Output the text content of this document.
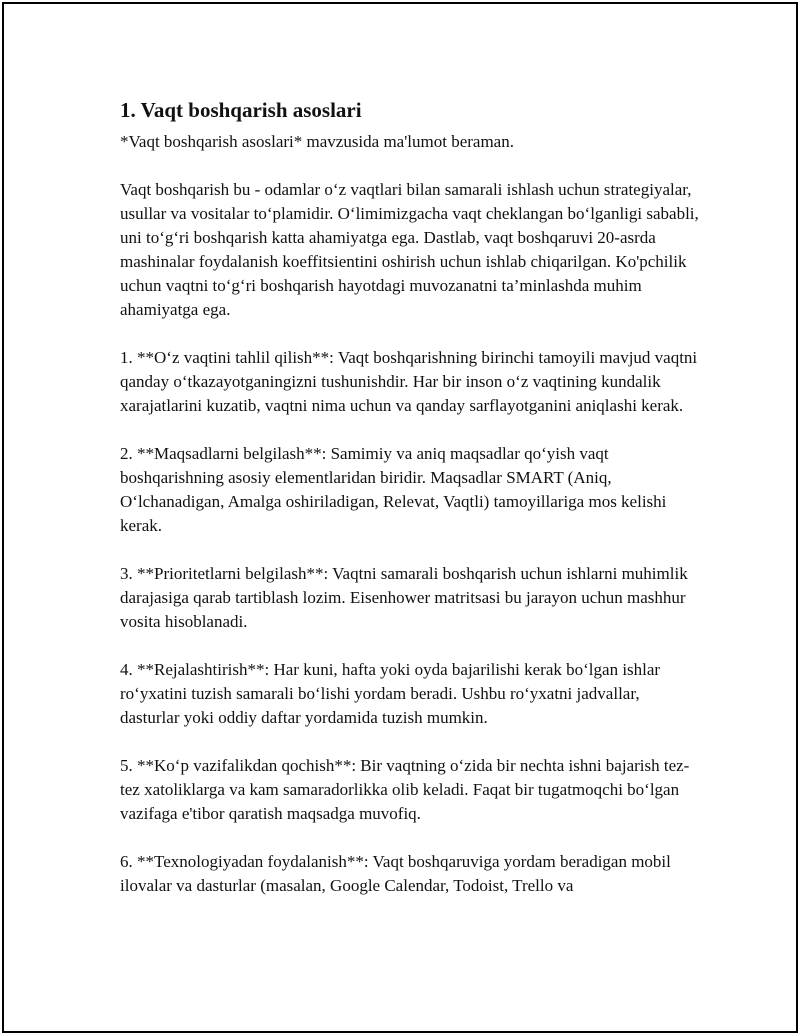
1. Vaqt boshqarish asoslari

*Vaqt boshqarish asoslari* mavzusida ma'lumot beraman.

Vaqt boshqarish bu - odamlar o‘z vaqtlari bilan samarali ishlash uchun strategiyalar, usullar va vositalar to‘plamidir. O‘limimizgacha vaqt cheklangan bo‘lganligi sababli, uni to‘g‘ri boshqarish katta ahamiyatga ega. Dastlab, vaqt boshqaruvi 20-asrda mashinalar foydalanish koeffitsientini oshirish uchun ishlab chiqarilgan. Ko'pchilik uchun vaqtni to‘g‘ri boshqarish hayotdagi muvozanatni ta’minlashda muhim ahamiyatga ega.

1. **O‘z vaqtini tahlil qilish**: Vaqt boshqarishning birinchi tamoyili mavjud vaqtni qanday o‘tkazayotganingizni tushunishdir. Har bir inson o‘z vaqtining kundalik xarajatlarini kuzatib, vaqtni nima uchun va qanday sarflayotganini aniqlashi kerak.

2. **Maqsadlarni belgilash**: Samimiy va aniq maqsadlar qo‘yish vaqt boshqarishning asosiy elementlaridan biridir. Maqsadlar SMART (Aniq, O‘lchanadigan, Amalga oshiriladigan, Relevat, Vaqtli) tamoyillariga mos kelishi kerak.

3. **Prioritetlarni belgilash**: Vaqtni samarali boshqarish uchun ishlarni muhimlik darajasiga qarab tartiblash lozim. Eisenhower matritsasi bu jarayon uchun mashhur vosita hisoblanadi.

4. **Rejalashtirish**: Har kuni, hafta yoki oyda bajarilishi kerak bo‘lgan ishlar ro‘yxatini tuzish samarali bo‘lishi yordam beradi. Ushbu ro‘yxatni jadvallar, dasturlar yoki oddiy daftar yordamida tuzish mumkin.

5. **Ko‘p vazifalikdan qochish**: Bir vaqtning o‘zida bir nechta ishni bajarish tez-tez xatoliklarga va kam samaradorlikka olib keladi. Faqat bir tugatmoqchi bo‘lgan vazifaga e'tibor qaratish maqsadga muvofiq.

6. **Texnologiyadan foydalanish**: Vaqt boshqaruviga yordam beradigan mobil ilovalar va dasturlar (masalan, Google Calendar, Todoist, Trello va
